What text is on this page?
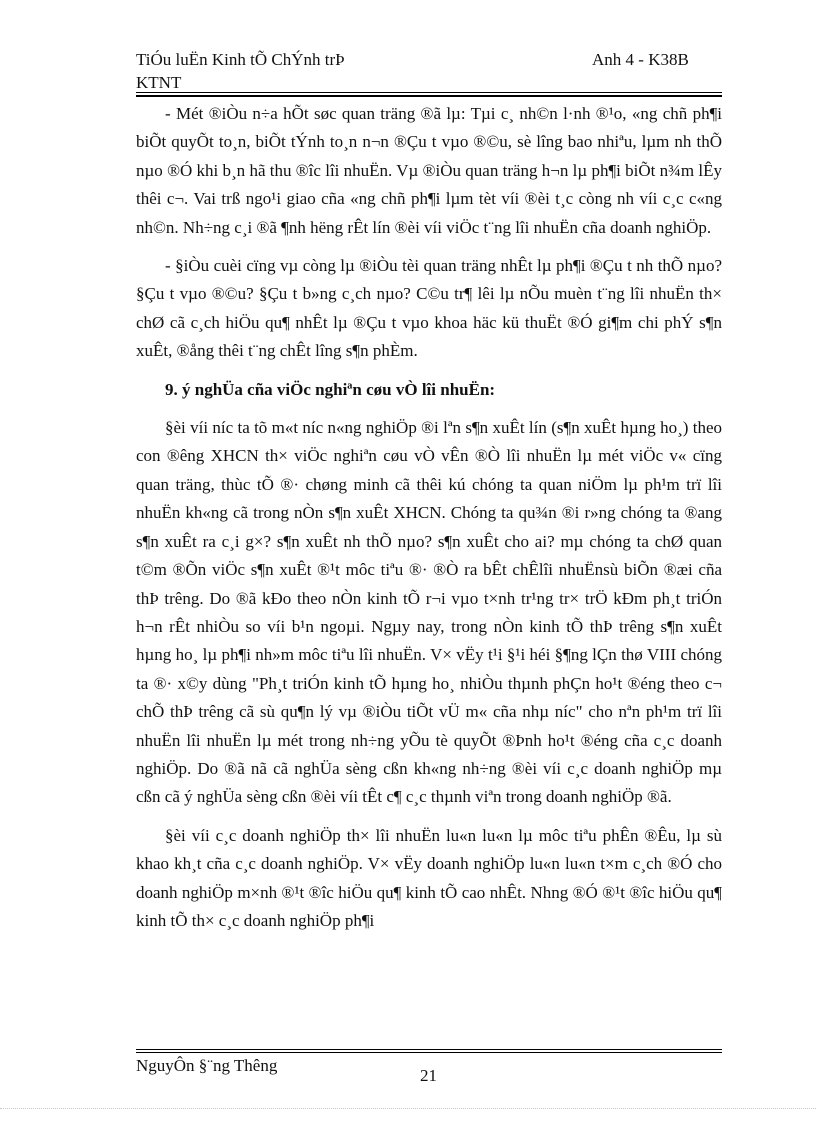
TiÓu luËn Kinh tÕ ChÝnh trÞ
KTNT
Anh 4 - K38B

- Mét ®iÒu n÷a hÕt søc quan träng ®ã lµ: Tµi c¸ nh©n l·nh ®¹o, «ng chñ ph¶i biÕt quyÕt to¸n, biÕt tÝnh to¸n n¬n ®Çu t vµo ®©u, sè lîng bao nhiªu, lµm nh thÕ nµo ®Ó khi b¸n hã thu ®îc lîi nhuËn. Vµ ®iÒu quan träng h¬n lµ ph¶i biÕt n¾m lÊy thêi c¬. Vai trß ngo¹i giao cña «ng chñ ph¶i lµm tèt víi ®èi t¸c còng nh víi c¸c c«ng nh©n. Nh÷ng c¸i ®ã ¶nh hëng rÊt lín ®èi víi viÖc t¨ng lîi nhuËn cña doanh nghiÖp.

- §iÒu cuèi cïng vµ còng lµ ®iÒu tèi quan träng nhÊt lµ ph¶i ®Çu t nh thÕ nµo?§Çu t vµo ®©u? §Çu t b»ng c¸ch nµo? C©u tr¶ lêi lµ nÕu muèn t¨ng lîi nhuËn th× chØ cã c¸ch hiÖu qu¶ nhÊt lµ ®Çu t vµo khoa häc kü thuËt ®Ó gi¶m chi phÝ s¶n xuÊt, ®ång thêi t¨ng chÊt lîng s¶n phÈm.

9. ý nghÜa cña viÖc nghiªn cøu vÒ lîi nhuËn:

§èi víi níc ta tõ m«t níc n«ng nghiÖp ®i lªn s¶n xuÊt lín (s¶n xuÊt hµng ho¸) theo con ®êng XHCN th× viÖc nghiªn cøu vÒ vÊn ®Ò lîi nhuËn lµ mét viÖc v« cïng quan träng, thùc tÕ ®· chøng minh cã thêi kú chóng ta quan niÖm lµ ph¹m trï lîi nhuËn kh«ng cã trong nÒn s¶n xuÊt XHCN. Chóng ta qu¾n ®i r»ng chóng ta ®ang s¶n xuÊt ra c¸i g×? s¶n xuÊt nh thÕ nµo? s¶n xuÊt cho ai? mµ chóng ta chØ quan t©m ®Õn viÖc s¶n xuÊt ®¹t môc tiªu ®· ®Ò ra bÊt chÊlîi nhuËnsù biÕn ®æi cña thÞ trêng. Do ®ã kÐo theo nÒn kinh tÕ r¬i vµo t×nh tr¹ng tr× trÖ kÐm ph¸t triÓn h¬n rÊt nhiÒu so víi b¹n ngoµi. Ngµy nay, trong nÒn kinh tÕ thÞ trêng s¶n xuÊt hµng ho¸ lµ ph¶i nh»m môc tiªu lîi nhuËn. V× vËy t¹i §¹i héi §¶ng lÇn thø VIII chóng ta ®· x©y dùng "Ph¸t triÓn kinh tÕ hµng ho¸ nhiÒu thµnh phÇn ho¹t ®éng theo c¬ chÕ thÞ trêng cã sù qu¶n lý vµ ®iÒu tiÕt vÜ m« cña nhµ níc" cho nªn ph¹m trï lîi nhuËn lîi nhuËn lµ mét trong nh÷ng yÕu tè quyÕt ®Þnh ho¹t ®éng cña c¸c doanh nghiÖp. Do ®ã nã cã nghÜa sèng cßn kh«ng nh÷ng ®èi víi c¸c doanh nghiÖp mµ cßn cã ý nghÜa sèng cßn ®èi víi tÊt c¶ c¸c thµnh viªn trong doanh nghiÖp ®ã.

§èi víi c¸c doanh nghiÖp th× lîi nhuËn lu«n lu«n lµ môc tiªu phÊn ®Êu, lµ sù khao kh¸t cña c¸c doanh nghiÖp. V× vËy doanh nghiÖp lu«n lu«n t×m c¸ch ®Ó cho doanh nghiÖp m×nh ®¹t ®îc hiÖu qu¶ kinh tÕ cao nhÊt. Nhng ®Ó ®¹t ®îc hiÖu qu¶ kinh tÕ th× c¸c doanh nghiÖp ph¶i

NguyÔn §¨ng Thêng
21
